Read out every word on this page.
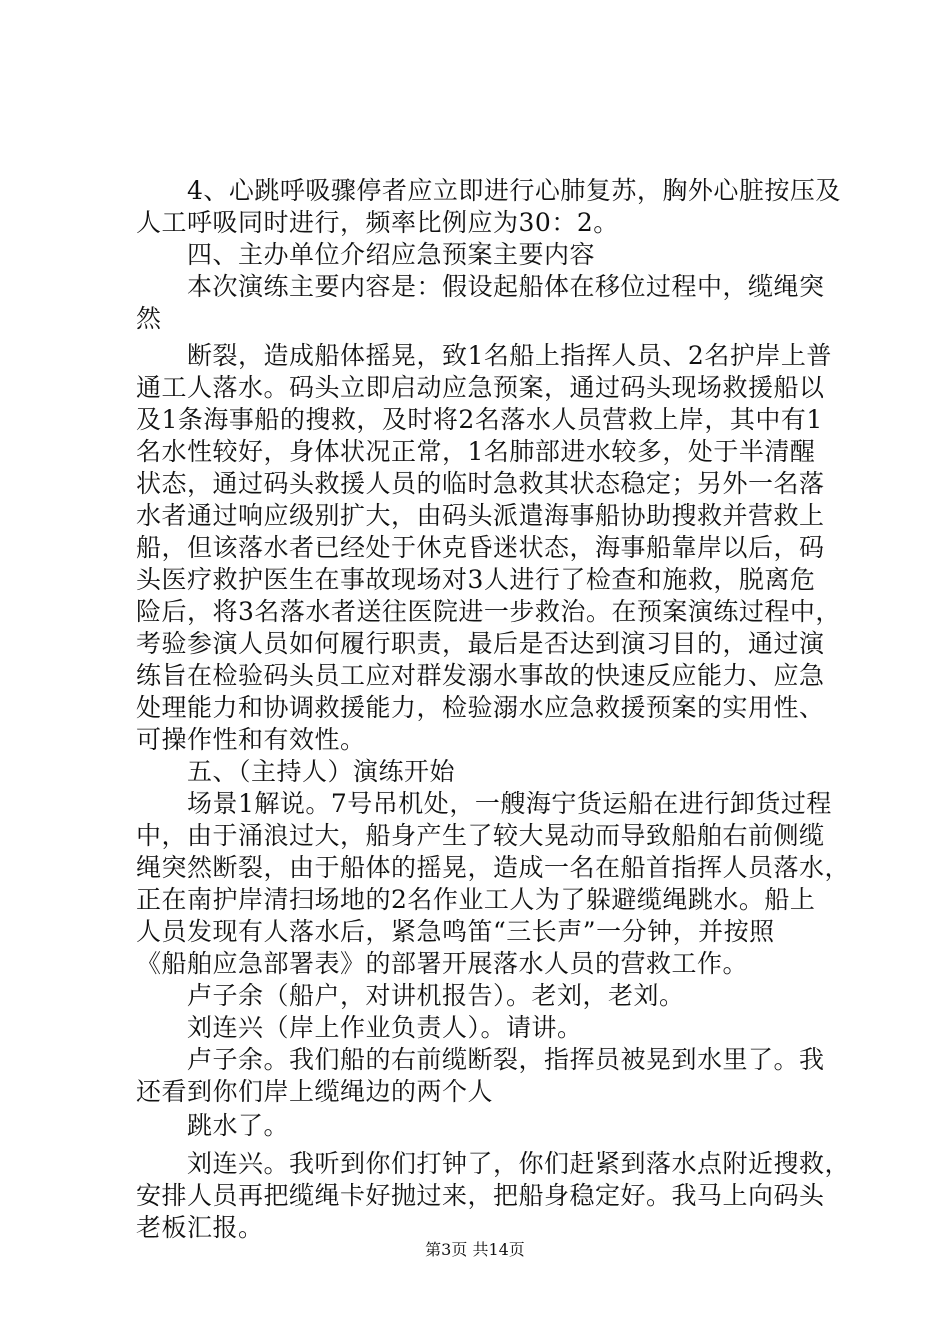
　　4、心跳呼吸骤停者应立即进行心肺复苏，胸外心脏按压及
人工呼吸同时进行，频率比例应为30：2。
　　四、主办单位介绍应急预案主要内容
　　本次演练主要内容是：假设起船体在移位过程中，缆绳突
然
　　断裂，造成船体摇晃，致1名船上指挥人员、2名护岸上普
通工人落水。码头立即启动应急预案，通过码头现场救援船以
及1条海事船的搜救，及时将2名落水人员营救上岸，其中有1
名水性较好，身体状况正常，1名肺部进水较多，处于半清醒
状态，通过码头救援人员的临时急救其状态稳定；另外一名落
水者通过响应级别扩大，由码头派遣海事船协助搜救并营救上
船，但该落水者已经处于休克昏迷状态，海事船靠岸以后，码
头医疗救护医生在事故现场对3人进行了检查和施救，脱离危
险后，将3名落水者送往医院进一步救治。在预案演练过程中，
考验参演人员如何履行职责，最后是否达到演习目的，通过演
练旨在检验码头员工应对群发溺水事故的快速反应能力、应急
处理能力和协调救援能力，检验溺水应急救援预案的实用性、
可操作性和有效性。
　　五、（主持人）演练开始
　　场景1解说。7号吊机处，一艘海宁货运船在进行卸货过程
中，由于涌浪过大，船身产生了较大晃动而导致船舶右前侧缆
绳突然断裂，由于船体的摇晃，造成一名在船首指挥人员落水，
正在南护岸清扫场地的2名作业工人为了躲避缆绳跳水。船上
人员发现有人落水后，紧急鸣笛“三长声”一分钟，并按照
《船舶应急部署表》的部署开展落水人员的营救工作。
　　卢子余（船户，对讲机报告）。老刘，老刘。
　　刘连兴（岸上作业负责人）。请讲。
　　卢子余。我们船的右前缆断裂，指挥员被晃到水里了。我
还看到你们岸上缆绳边的两个人
　　跳水了。
　　刘连兴。我听到你们打钟了，你们赶紧到落水点附近搜救，
安排人员再把缆绳卡好抛过来，把船身稳定好。我马上向码头
老板汇报。
第3页 共14页
